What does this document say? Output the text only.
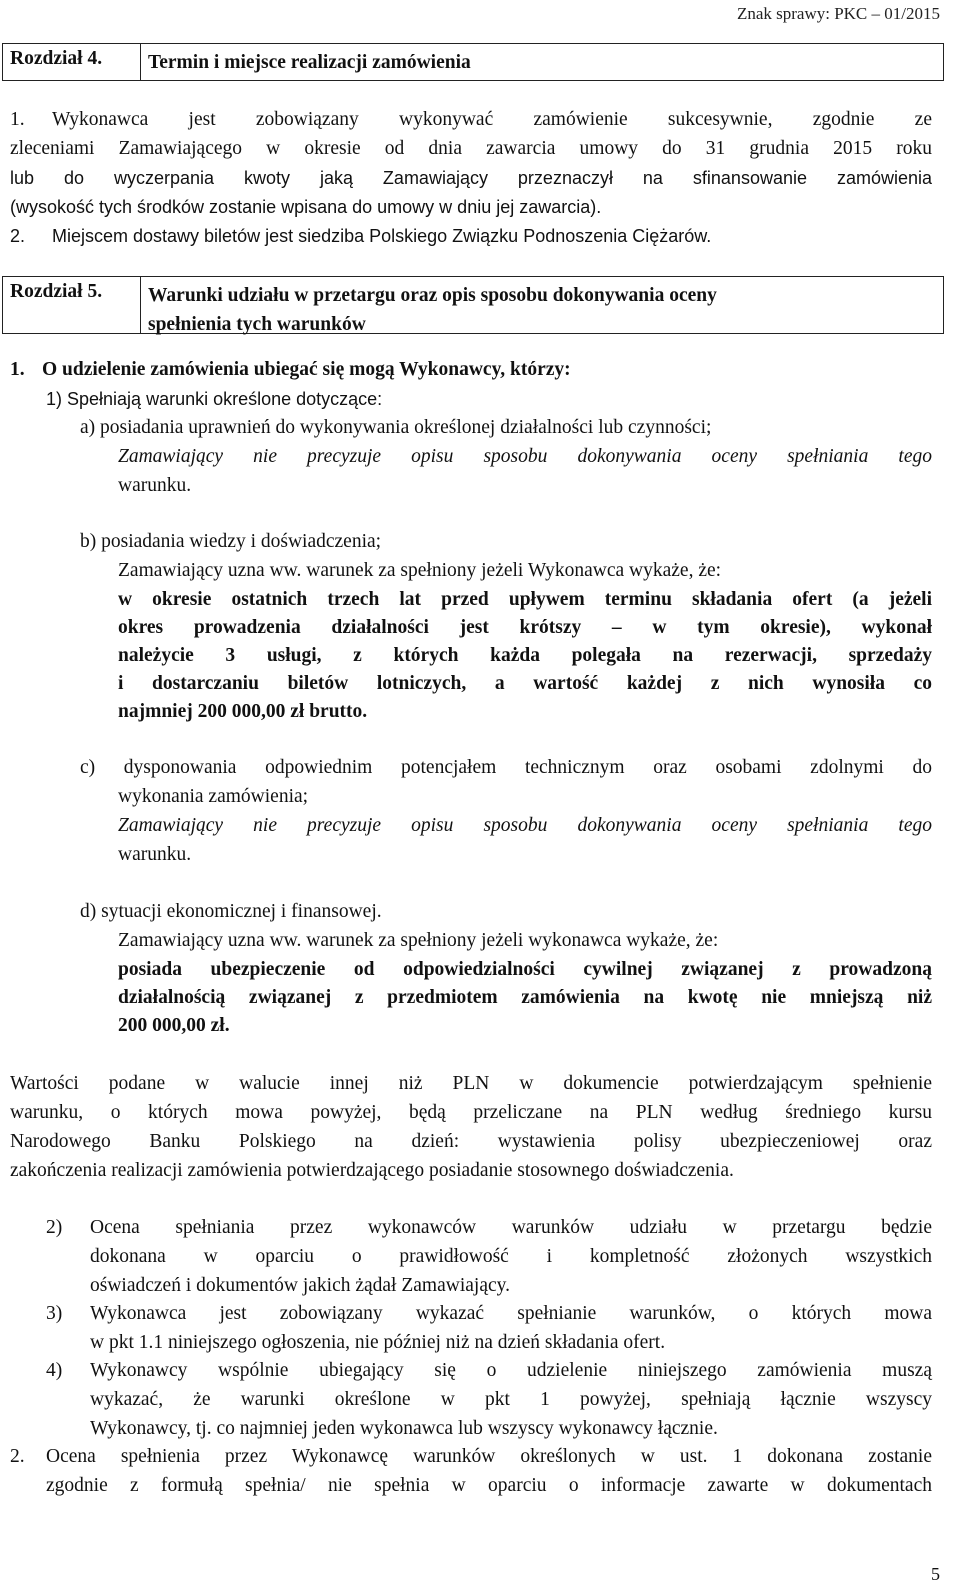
Znak sprawy: PKC – 01/2015
Rozdział 4. Termin i miejsce realizacji zamówienia
1. Wykonawca jest zobowiązany wykonywać zamówienie sukcesywnie, zgodnie ze
zleceniami Zamawiającego w okresie od dnia zawarcia umowy do 31 grudnia 2015 roku
lub do wyczerpania kwoty jaką Zamawiający przeznaczył na sfinansowanie zamówienia
(wysokość tych środków zostanie wpisana do umowy w dniu jej zawarcia).
2. Miejscem dostawy biletów jest siedziba Polskiego Związku Podnoszenia Ciężarów.
Rozdział 5. Warunki udziału w przetargu oraz opis sposobu dokonywania oceny
spełnienia tych warunków
1. O udzielenie zamówienia ubiegać się mogą Wykonawcy, którzy:
1) Spełniają warunki określone dotyczące:
a) posiadania uprawnień do wykonywania określonej działalności lub czynności;
Zamawiający nie precyzuje opisu sposobu dokonywania oceny spełniania tego
warunku.
b) posiadania wiedzy i doświadczenia;
Zamawiający uzna ww. warunek za spełniony jeżeli Wykonawca wykaże, że:
w okresie ostatnich trzech lat przed upływem terminu składania ofert (a jeżeli
okres prowadzenia działalności jest krótszy – w tym okresie), wykonał
należycie 3 usługi, z których każda polegała na rezerwacji, sprzedaży
i dostarczaniu biletów lotniczych, a wartość każdej z nich wynosiła co
najmniej 200 000,00 zł brutto.
c) dysponowania odpowiednim potencjałem technicznym oraz osobami zdolnymi do
wykonania zamówienia;
Zamawiający nie precyzuje opisu sposobu dokonywania oceny spełniania tego
warunku.
d) sytuacji ekonomicznej i finansowej.
Zamawiający uzna ww. warunek za spełniony jeżeli wykonawca wykaże, że:
posiada ubezpieczenie od odpowiedzialności cywilnej związanej z prowadzoną
działalnością związanej z przedmiotem zamówienia na kwotę nie mniejszą niż
200 000,00 zł.
Wartości podane w walucie innej niż PLN w dokumencie potwierdzającym spełnienie
warunku, o których mowa powyżej, będą przeliczane na PLN według średniego kursu
Narodowego Banku Polskiego na dzień: wystawienia polisy ubezpieczeniowej oraz
zakończenia realizacji zamówienia potwierdzającego posiadanie stosownego doświadczenia.
2) Ocena spełniania przez wykonawców warunków udziału w przetargu będzie
dokonana w oparciu o prawidłowość i kompletność złożonych wszystkich
oświadczeń i dokumentów jakich żądał Zamawiający.
3) Wykonawca jest zobowiązany wykazać spełnianie warunków, o których mowa
w pkt 1.1 niniejszego ogłoszenia, nie później niż na dzień składania ofert.
4) Wykonawcy wspólnie ubiegający się o udzielenie niniejszego zamówienia muszą
wykazać, że warunki określone w pkt 1 powyżej, spełniają łącznie wszyscy
Wykonawcy, tj. co najmniej jeden wykonawca lub wszyscy wykonawcy łącznie.
2. Ocena spełnienia przez Wykonawcę warunków określonych w ust. 1 dokonana zostanie
zgodnie z formułą spełnia/ nie spełnia w oparciu o informacje zawarte w dokumentach
5
